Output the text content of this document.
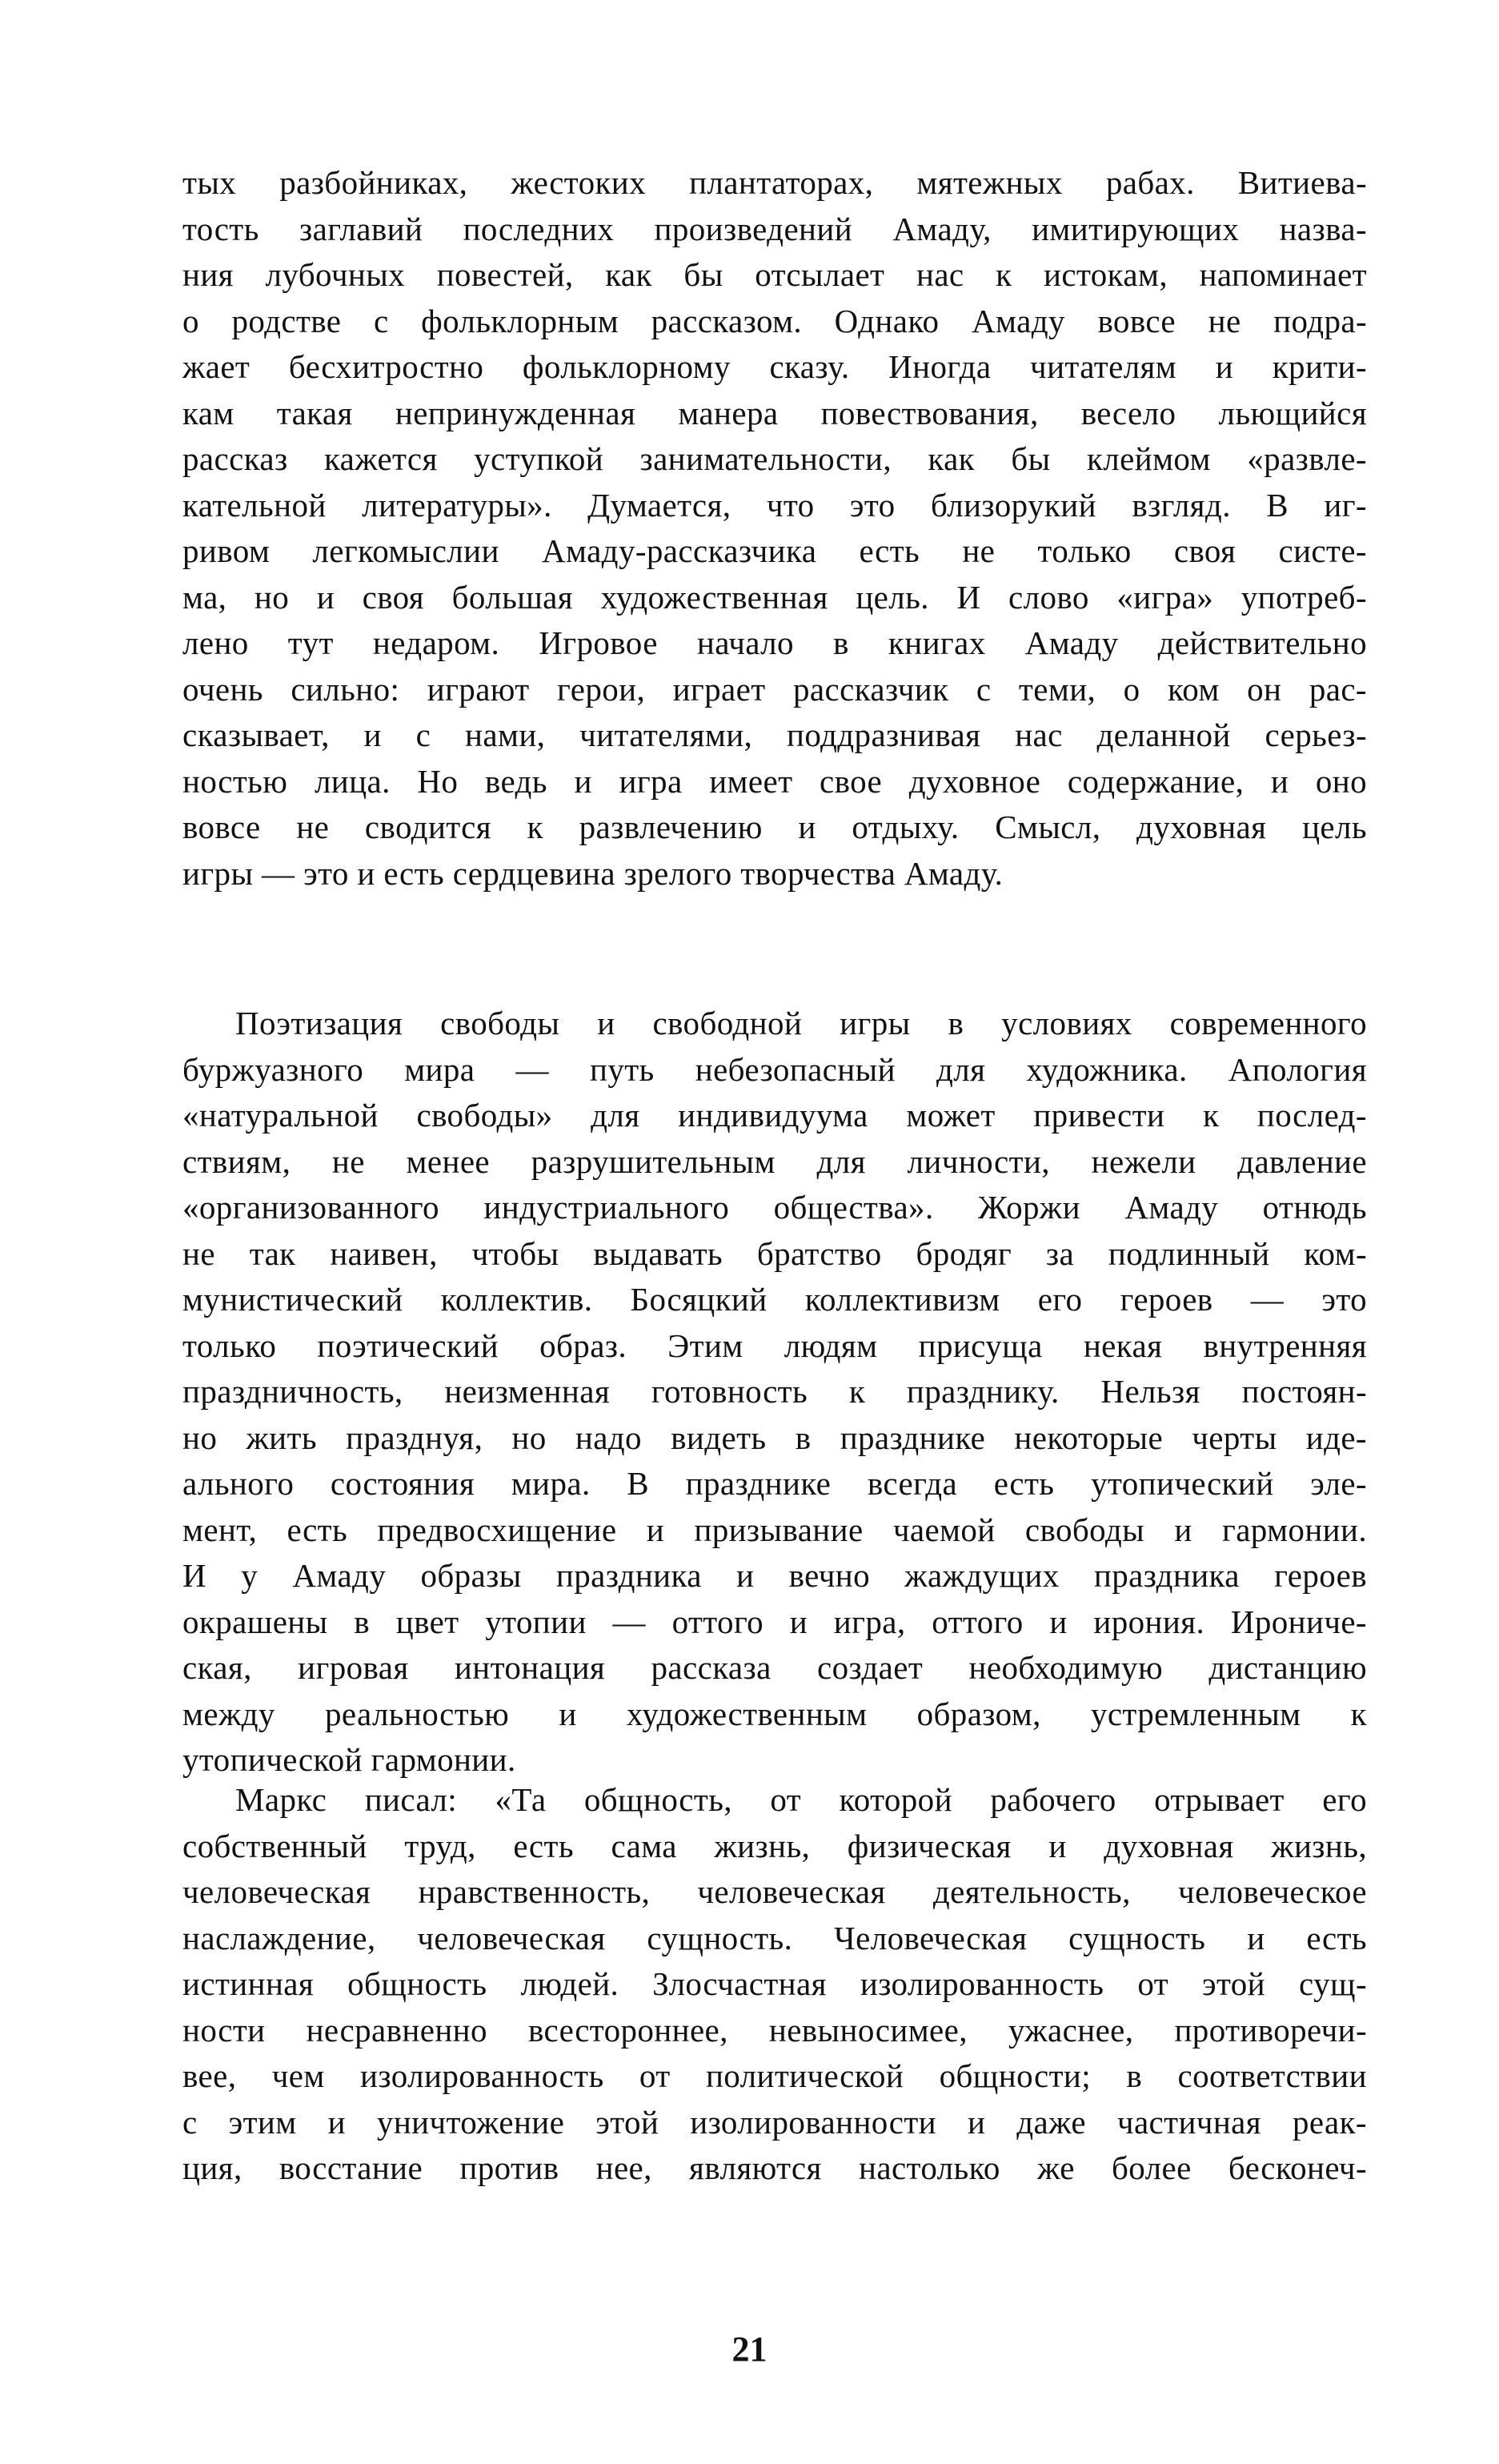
тых разбойниках, жестоких плантаторах, мятежных рабах. Витиева-
тость заглавий последних произведений Амаду, имитирующих назва-
ния лубочных повестей, как бы отсылает нас к истокам, напоминает
о родстве с фольклорным рассказом. Однако Амаду вовсе не подра-
жает бесхитростно фольклорному сказу. Иногда читателям и крити-
кам такая непринужденная манера повествования, весело льющийся
рассказ кажется уступкой занимательности, как бы клеймом «развле-
кательной литературы». Думается, что это близорукий взгляд. В иг-
ривом легкомыслии Амаду-рассказчика есть не только своя систе-
ма, но и своя большая художественная цель. И слово «игра» употреб-
лено тут недаром. Игровое начало в книгах Амаду действительно
очень сильно: играют герои, играет рассказчик с теми, о ком он рас-
сказывает, и с нами, читателями, поддразнивая нас деланной серьез-
ностью лица. Но ведь и игра имеет свое духовное содержание, и оно
вовсе не сводится к развлечению и отдыху. Смысл, духовная цель
игры — это и есть сердцевина зрелого творчества Амаду.
Поэтизация свободы и свободной игры в условиях современного
буржуазного мира — путь небезопасный для художника. Апология
«натуральной свободы» для индивидуума может привести к послед-
ствиям, не менее разрушительным для личности, нежели давление
«организованного индустриального общества». Жоржи Амаду отнюдь
не так наивен, чтобы выдавать братство бродяг за подлинный ком-
мунистический коллектив. Босяцкий коллективизм его героев — это
только поэтический образ. Этим людям присуща некая внутренняя
праздничность, неизменная готовность к празднику. Нельзя постоян-
но жить празднуя, но надо видеть в празднике некоторые черты иде-
ального состояния мира. В празднике всегда есть утопический эле-
мент, есть предвосхищение и призывание чаемой свободы и гармонии.
И у Амаду образы праздника и вечно жаждущих праздника героев
окрашены в цвет утопии — оттого и игра, оттого и ирония. Ирониче-
ская, игровая интонация рассказа создает необходимую дистанцию
между реальностью и художественным образом, устремленным к
утопической гармонии.
Маркс писал: «Та общность, от которой рабочего отрывает его
собственный труд, есть сама жизнь, физическая и духовная жизнь,
человеческая нравственность, человеческая деятельность, человеческое
наслаждение, человеческая сущность. Человеческая сущность и есть
истинная общность людей. Злосчастная изолированность от этой сущ-
ности несравненно всестороннее, невыносимее, ужаснее, противоречи-
вее, чем изолированность от политической общности; в соответствии
с этим и уничтожение этой изолированности и даже частичная реак-
ция, восстание против нее, являются настолько же более бесконеч-
21
